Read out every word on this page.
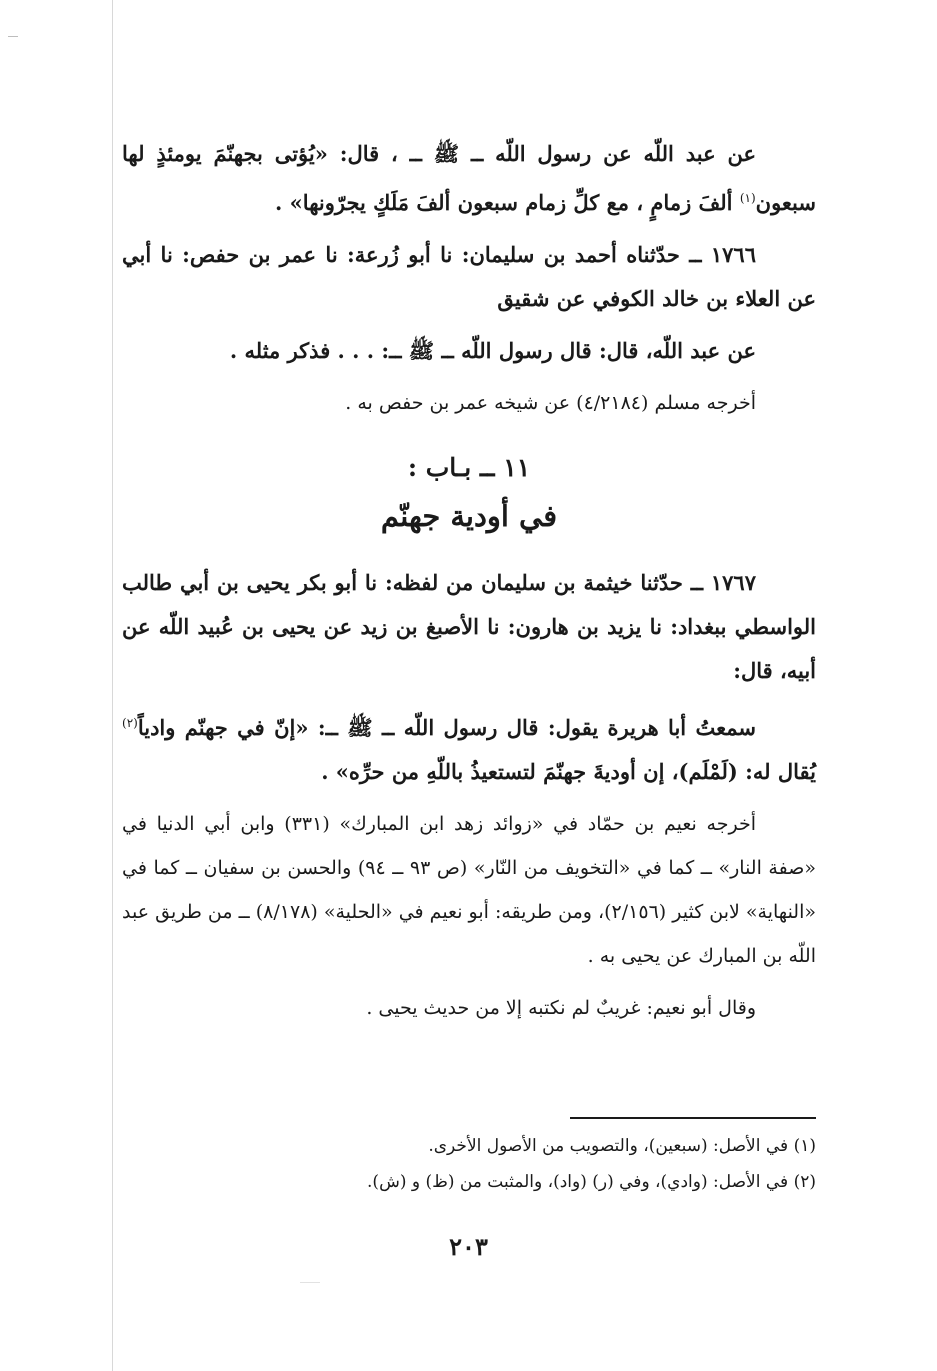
عن عبد اللّه عن رسول اللّه ــ ﷺ ــ ، قال: «يُؤتى بجهنّمَ يومئذٍ لها سبعون$^{(١)}$ ألفَ زمامٍ ، مع كلِّ زمام سبعون ألفَ مَلَكٍ يجرّونها» .

١٧٦٦ ــ حدّثناه أحمد بن سليمان: نا أبو زُرعة: نا عمر بن حفص: نا أبي عن العلاء بن خالد الكوفي عن شقيق

عن عبد اللّه، قال: قال رسول اللّه ــ ﷺ ــ: . . . فذكر مثله .

أخرجه مسلم (٤/٢١٨٤) عن شيخه عمر بن حفص به .

١١ ــ بـاب :
في أودية جهنّم

١٧٦٧ ــ حدّثنا خيثمة بن سليمان من لفظه: نا أبو بكر يحيى بن أبي طالب الواسطي ببغداد: نا يزيد بن هارون: نا الأصبغ بن زيد عن يحيى بن عُبيد اللّه عن أبيه، قال:

سمعتُ أبا هريرة يقول: قال رسول اللّه ــ ﷺ ــ: «إنّ في جهنّم وادياً$^{(٢)}$ يُقال له: (لَمْلَم)، إن أوديةَ جهنّمَ لتستعيذُ باللّهِ من حرِّه» .

أخرجه نعيم بن حمّاد في «زوائد زهد ابن المبارك» (٣٣١) وابن أبي الدنيا في «صفة النار» ــ كما في «التخويف من النّار» (ص ٩٣ ــ ٩٤) والحسن بن سفيان ــ كما في «النهاية» لابن كثير (٢/١٥٦)، ومن طريقه: أبو نعيم في «الحلية» (٨/١٧٨) ــ من طريق عبد اللّه بن المبارك عن يحيى به .

وقال أبو نعيم: غريبٌ لم نكتبه إلا من حديث يحيى .

(١) في الأصل: (سبعين)، والتصويب من الأصول الأخرى.

(٢) في الأصل: (وادي)، وفي (ر) (واد)، والمثبت من (ظ) و (ش).

٢٠٣
